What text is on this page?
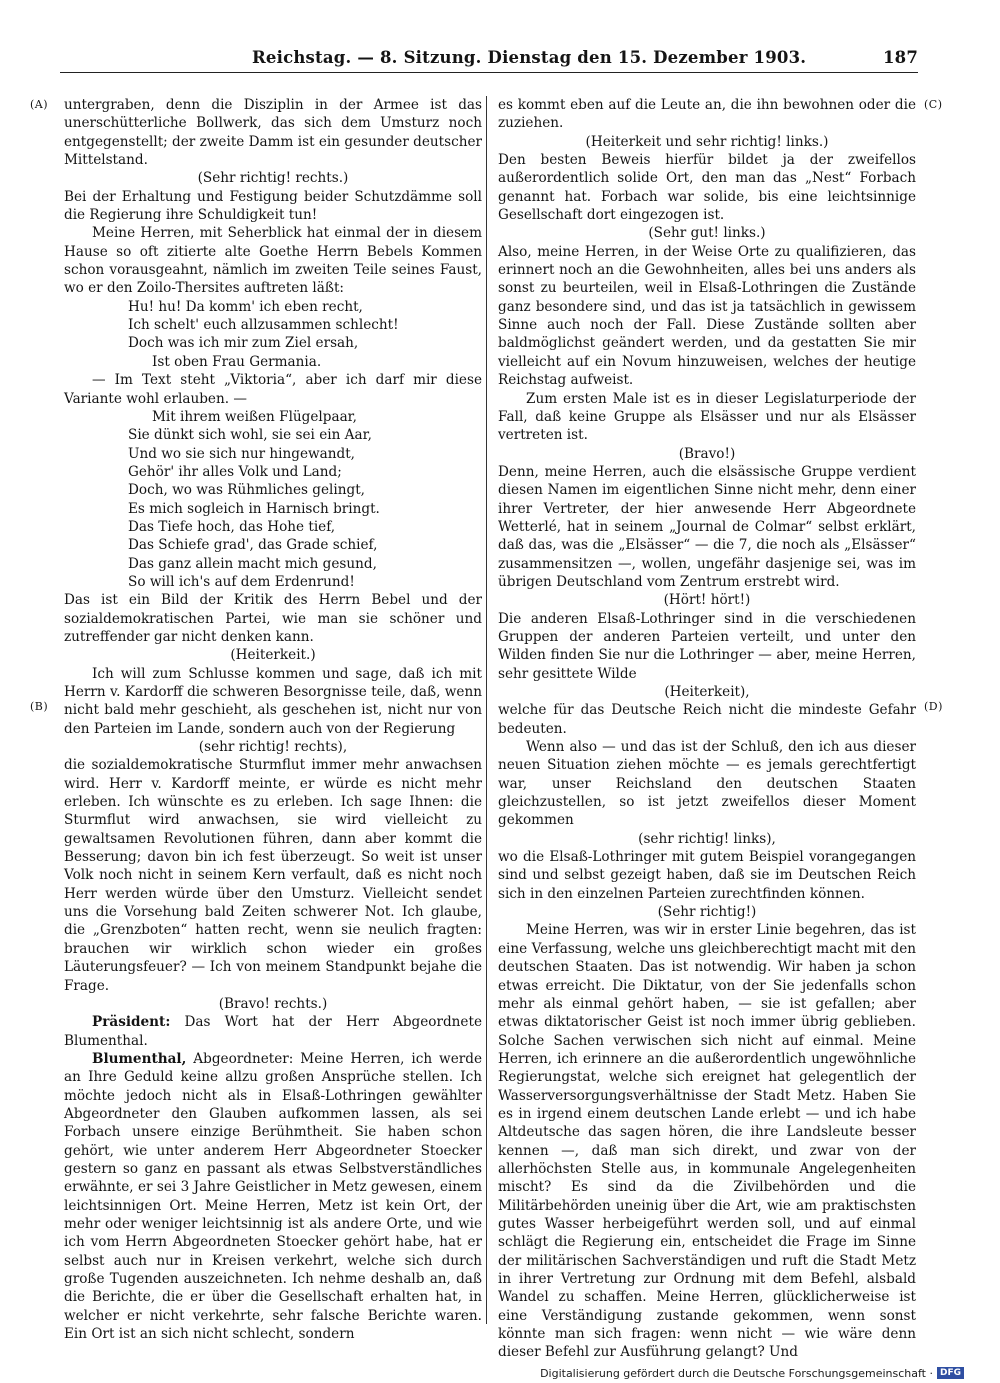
Reichstag. — 8. Sitzung. Dienstag den 15. Dezember 1903.	187
(A)
(B)
(C)
(D)

untergraben, denn die Disziplin in der Armee ist das unerschütterliche Bollwerk, das sich dem Umsturz noch entgegenstellt; der zweite Damm ist ein gesunder deutscher Mittelstand.

(Sehr richtig! rechts.)

Bei der Erhaltung und Festigung beider Schutzdämme soll die Regierung ihre Schuldigkeit tun!

Meine Herren, mit Seherblick hat einmal der in diesem Hause so oft zitierte alte Goethe Herrn Bebels Kommen schon vorausgeahnt, nämlich im zweiten Teile seines Faust, wo er den Zoilo-Thersites auftreten läßt:

Hu! hu! Da komm' ich eben recht,

Ich schelt' euch allzusammen schlecht!

Doch was ich mir zum Ziel ersah,

Ist oben Frau Germania.

— Im Text steht „Viktoria“, aber ich darf mir diese Variante wohl erlauben. —

Mit ihrem weißen Flügelpaar,

Sie dünkt sich wohl, sie sei ein Aar,

Und wo sie sich nur hingewandt,

Gehör' ihr alles Volk und Land;

Doch, wo was Rühmliches gelingt,

Es mich sogleich in Harnisch bringt.

Das Tiefe hoch, das Hohe tief,

Das Schiefe grad', das Grade schief,

Das ganz allein macht mich gesund,

So will ich's auf dem Erdenrund!

Das ist ein Bild der Kritik des Herrn Bebel und der sozialdemokratischen Partei, wie man sie schöner und zutreffender gar nicht denken kann.

(Heiterkeit.)

Ich will zum Schlusse kommen und sage, daß ich mit Herrn v. Kardorff die schweren Besorgnisse teile, daß, wenn nicht bald mehr geschieht, als geschehen ist, nicht nur von den Parteien im Lande, sondern auch von der Regierung

(sehr richtig! rechts),

die sozialdemokratische Sturmflut immer mehr anwachsen wird. Herr v. Kardorff meinte, er würde es nicht mehr erleben. Ich wünschte es zu erleben. Ich sage Ihnen: die Sturmflut wird anwachsen, sie wird vielleicht zu gewaltsamen Revolutionen führen, dann aber kommt die Besserung; davon bin ich fest überzeugt. So weit ist unser Volk noch nicht in seinem Kern verfault, daß es nicht noch Herr werden würde über den Umsturz. Vielleicht sendet uns die Vorsehung bald Zeiten schwerer Not. Ich glaube, die „Grenzboten“ hatten recht, wenn sie neulich fragten: brauchen wir wirklich schon wieder ein großes Läuterungsfeuer? — Ich von meinem Standpunkt bejahe die Frage.

(Bravo! rechts.)

Präsident: Das Wort hat der Herr Abgeordnete Blumenthal.

Blumenthal, Abgeordneter: Meine Herren, ich werde an Ihre Geduld keine allzu großen Ansprüche stellen. Ich möchte jedoch nicht als in Elsaß-Lothringen gewählter Abgeordneter den Glauben aufkommen lassen, als sei Forbach unsere einzige Berühmtheit. Sie haben schon gehört, wie unter anderem Herr Abgeordneter Stoecker gestern so ganz en passant als etwas Selbstverständliches erwähnte, er sei 3 Jahre Geistlicher in Metz gewesen, einem leichtsinnigen Ort. Meine Herren, Metz ist kein Ort, der mehr oder weniger leichtsinnig ist als andere Orte, und wie ich vom Herrn Abgeordneten Stoecker gehört habe, hat er selbst auch nur in Kreisen verkehrt, welche sich durch große Tugenden auszeichneten. Ich nehme deshalb an, daß die Berichte, die er über die Gesellschaft erhalten hat, in welcher er nicht verkehrte, sehr falsche Berichte waren. Ein Ort ist an sich nicht schlecht, sondern

es kommt eben auf die Leute an, die ihn bewohnen oder die zuziehen.

(Heiterkeit und sehr richtig! links.)

Den besten Beweis hierfür bildet ja der zweifellos außerordentlich solide Ort, den man das „Nest“ Forbach genannt hat. Forbach war solide, bis eine leichtsinnige Gesellschaft dort eingezogen ist.

(Sehr gut! links.)

Also, meine Herren, in der Weise Orte zu qualifizieren, das erinnert noch an die Gewohnheiten, alles bei uns anders als sonst zu beurteilen, weil in Elsaß-Lothringen die Zustände ganz besondere sind, und das ist ja tatsächlich in gewissem Sinne auch noch der Fall. Diese Zustände sollten aber baldmöglichst geändert werden, und da gestatten Sie mir vielleicht auf ein Novum hinzuweisen, welches der heutige Reichstag aufweist.

Zum ersten Male ist es in dieser Legislaturperiode der Fall, daß keine Gruppe als Elsässer und nur als Elsässer vertreten ist.

(Bravo!)

Denn, meine Herren, auch die elsässische Gruppe verdient diesen Namen im eigentlichen Sinne nicht mehr, denn einer ihrer Vertreter, der hier anwesende Herr Abgeordnete Wetterlé, hat in seinem „Journal de Colmar“ selbst erklärt, daß das, was die „Elsässer“ — die 7, die noch als „Elsässer“ zusammensitzen —, wollen, ungefähr dasjenige sei, was im übrigen Deutschland vom Zentrum erstrebt wird.

(Hört! hört!)

Die anderen Elsaß-Lothringer sind in die verschiedenen Gruppen der anderen Parteien verteilt, und unter den Wilden finden Sie nur die Lothringer — aber, meine Herren, sehr gesittete Wilde

(Heiterkeit),

welche für das Deutsche Reich nicht die mindeste Gefahr bedeuten.

Wenn also — und das ist der Schluß, den ich aus dieser neuen Situation ziehen möchte — es jemals gerechtfertigt war, unser Reichsland den deutschen Staaten gleichzustellen, so ist jetzt zweifellos dieser Moment gekommen

(sehr richtig! links),

wo die Elsaß-Lothringer mit gutem Beispiel vorangegangen sind und selbst gezeigt haben, daß sie im Deutschen Reich sich in den einzelnen Parteien zurechtfinden können.

(Sehr richtig!)

Meine Herren, was wir in erster Linie begehren, das ist eine Verfassung, welche uns gleichberechtigt macht mit den deutschen Staaten. Das ist notwendig. Wir haben ja schon etwas erreicht. Die Diktatur, von der Sie jedenfalls schon mehr als einmal gehört haben, — sie ist gefallen; aber etwas diktatorischer Geist ist noch immer übrig geblieben. Solche Sachen verwischen sich nicht auf einmal. Meine Herren, ich erinnere an die außerordentlich ungewöhnliche Regierungstat, welche sich ereignet hat gelegentlich der Wasserversorgungsverhältnisse der Stadt Metz. Haben Sie es in irgend einem deutschen Lande erlebt — und ich habe Altdeutsche das sagen hören, die ihre Landsleute besser kennen —, daß man sich direkt, und zwar von der allerhöchsten Stelle aus, in kommunale Angelegenheiten mischt? Es sind da die Zivilbehörden und die Militärbehörden uneinig über die Art, wie am praktischsten gutes Wasser herbeigeführt werden soll, und auf einmal schlägt die Regierung ein, entscheidet die Frage im Sinne der militärischen Sachverständigen und ruft die Stadt Metz in ihrer Vertretung zur Ordnung mit dem Befehl, alsbald Wandel zu schaffen. Meine Herren, glücklicherweise ist eine Verständigung zustande gekommen, wenn sonst könnte man sich fragen: wenn nicht — wie wäre denn dieser Befehl zur Ausführung gelangt? Und

Digitalisierung gefördert durch die Deutsche Forschungsgemeinschaft · DFG
